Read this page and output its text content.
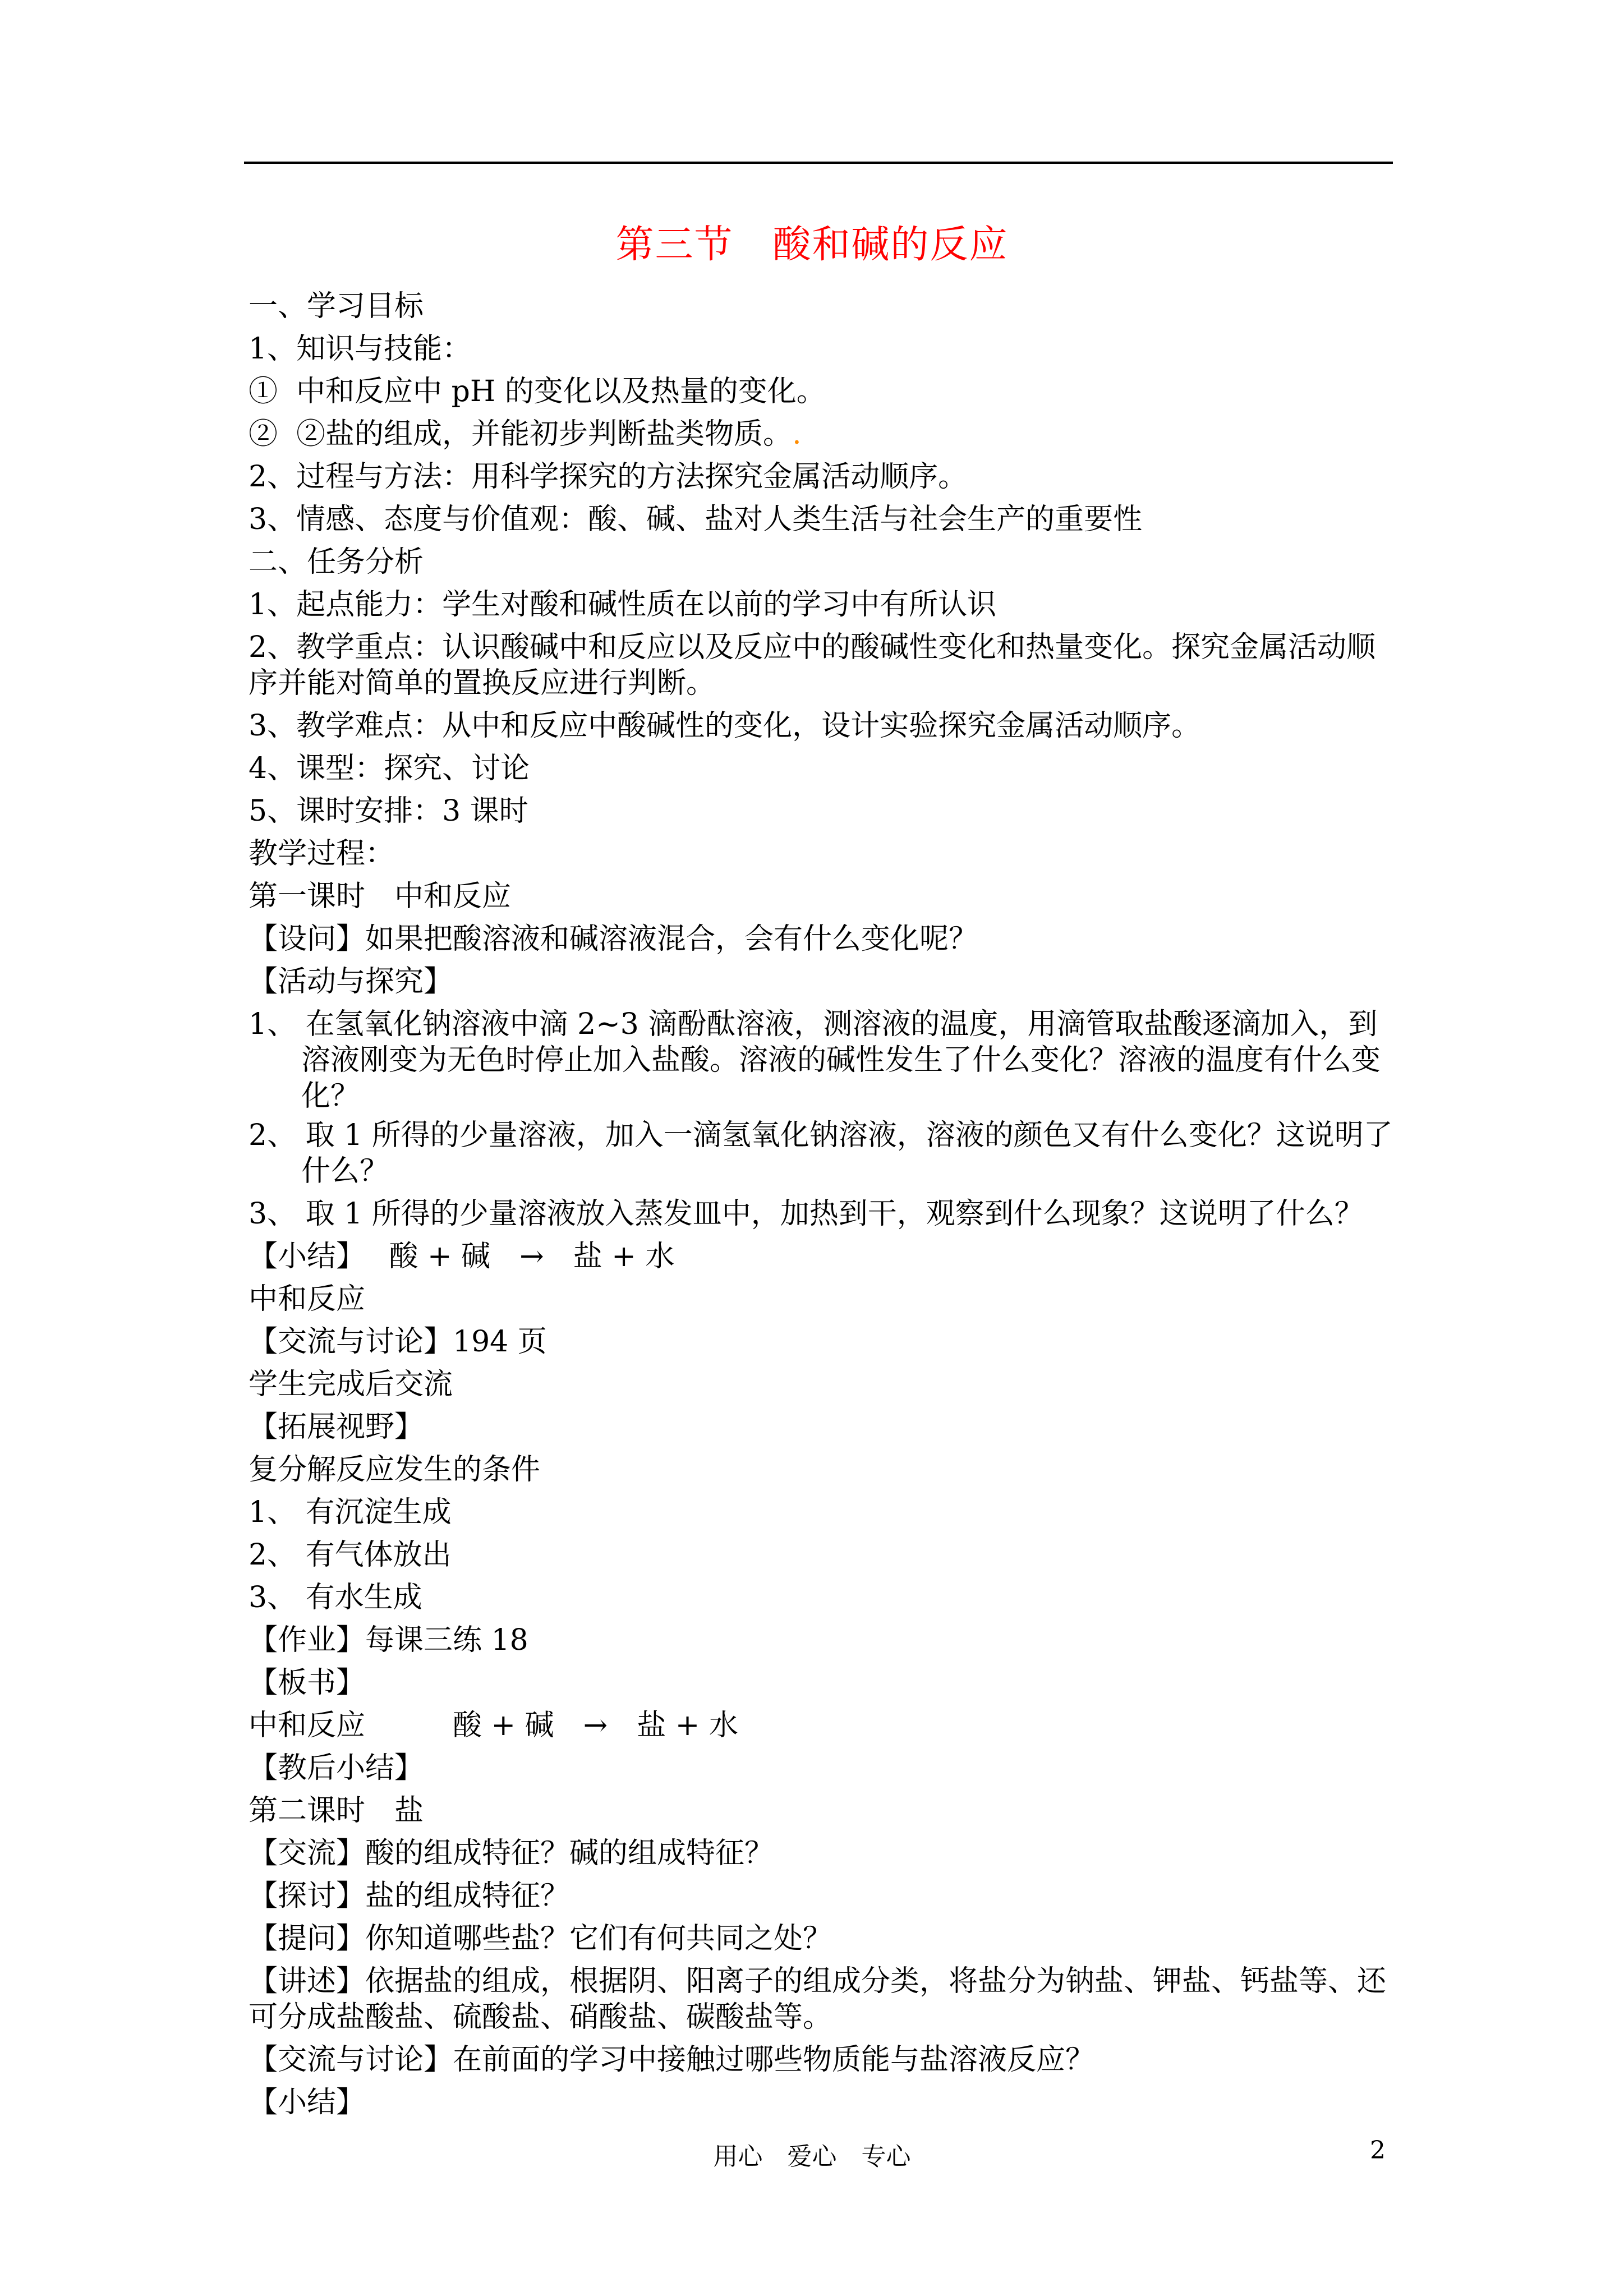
第三节　酸和碱的反应
一、学习目标
1、知识与技能：
①  中和反应中 pH 的变化以及热量的变化。
②  ②盐的组成，并能初步判断盐类物质。.
2、过程与方法：用科学探究的方法探究金属活动顺序。
3、情感、态度与价值观：酸、碱、盐对人类生活与社会生产的重要性
二、任务分析
1、起点能力：学生对酸和碱性质在以前的学习中有所认识
2、教学重点：认识酸碱中和反应以及反应中的酸碱性变化和热量变化。探究金属活动顺序并能对简单的置换反应进行判断。
3、教学难点：从中和反应中酸碱性的变化，设计实验探究金属活动顺序。
4、课型：探究、讨论
5、课时安排：3 课时
教学过程：
第一课时　中和反应
【设问】如果把酸溶液和碱溶液混合，会有什么变化呢？
【活动与探究】
1、 在氢氧化钠溶液中滴 2~3 滴酚酞溶液，测溶液的温度，用滴管取盐酸逐滴加入，到溶液刚变为无色时停止加入盐酸。溶液的碱性发生了什么变化？溶液的温度有什么变化？
2、 取 1 所得的少量溶液，加入一滴氢氧化钠溶液，溶液的颜色又有什么变化？这说明了什么？
3、 取 1 所得的少量溶液放入蒸发皿中，加热到干，观察到什么现象？这说明了什么？
【小结】　 酸 + 碱　→　盐 + 水
中和反应
【交流与讨论】194 页
学生完成后交流
【拓展视野】
复分解反应发生的条件
1、 有沉淀生成
2、 有气体放出
3、 有水生成
【作业】每课三练 18
【板书】
中和反应　　　酸 + 碱　→　盐 + 水
【教后小结】
第二课时　盐
【交流】酸的组成特征？碱的组成特征？
【探讨】盐的组成特征？
【提问】你知道哪些盐？它们有何共同之处？
【讲述】依据盐的组成，根据阴、阳离子的组成分类，将盐分为钠盐、钾盐、钙盐等、还可分成盐酸盐、硫酸盐、硝酸盐、碳酸盐等。
【交流与讨论】在前面的学习中接触过哪些物质能与盐溶液反应？
【小结】
用心　爱心　专心	2
